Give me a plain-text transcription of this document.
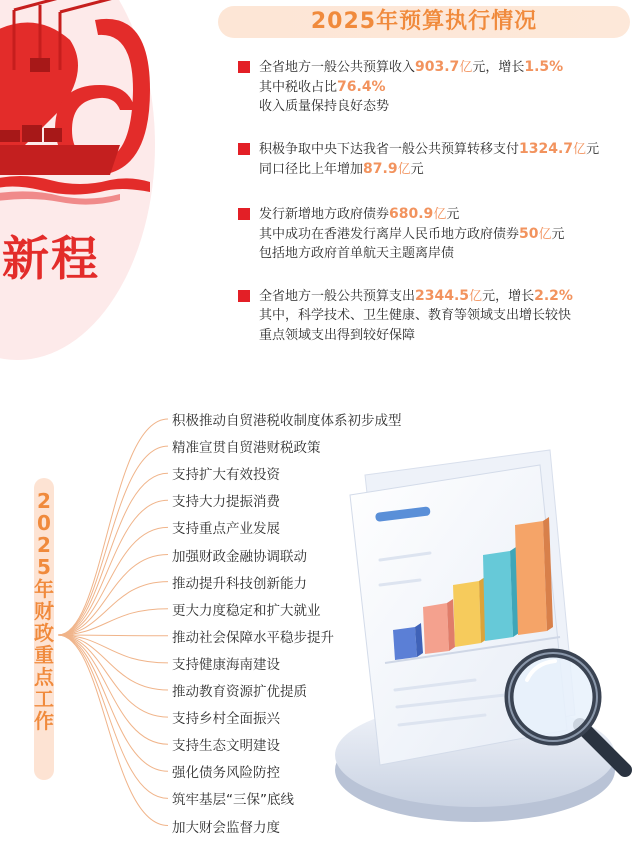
新程
2025年预算执行情况
全省地方一般公共预算收入903.7亿元，增长1.5%
其中税收占比76.4%
收入质量保持良好态势
积极争取中央下达我省一般公共预算转移支付1324.7亿元
同口径比上年增加87.9亿元
发行新增地方政府债券680.9亿元
其中成功在香港发行离岸人民币地方政府债券50亿元
包括地方政府首单航天主题离岸债
全省地方一般公共预算支出2344.5亿元，增长2.2%
其中，科学技术、卫生健康、教育等领域支出增长较快
重点领域支出得到较好保障
2
0
2
5
年
财
政
重
点
工
作
积极推动自贸港税收制度体系初步成型
精准宣贯自贸港财税政策
支持扩大有效投资
支持大力提振消费
支持重点产业发展
加强财政金融协调联动
推动提升科技创新能力
更大力度稳定和扩大就业
推动社会保障水平稳步提升
支持健康海南建设
推动教育资源扩优提质
支持乡村全面振兴
支持生态文明建设
强化债务风险防控
筑牢基层“三保”底线
加大财会监督力度
